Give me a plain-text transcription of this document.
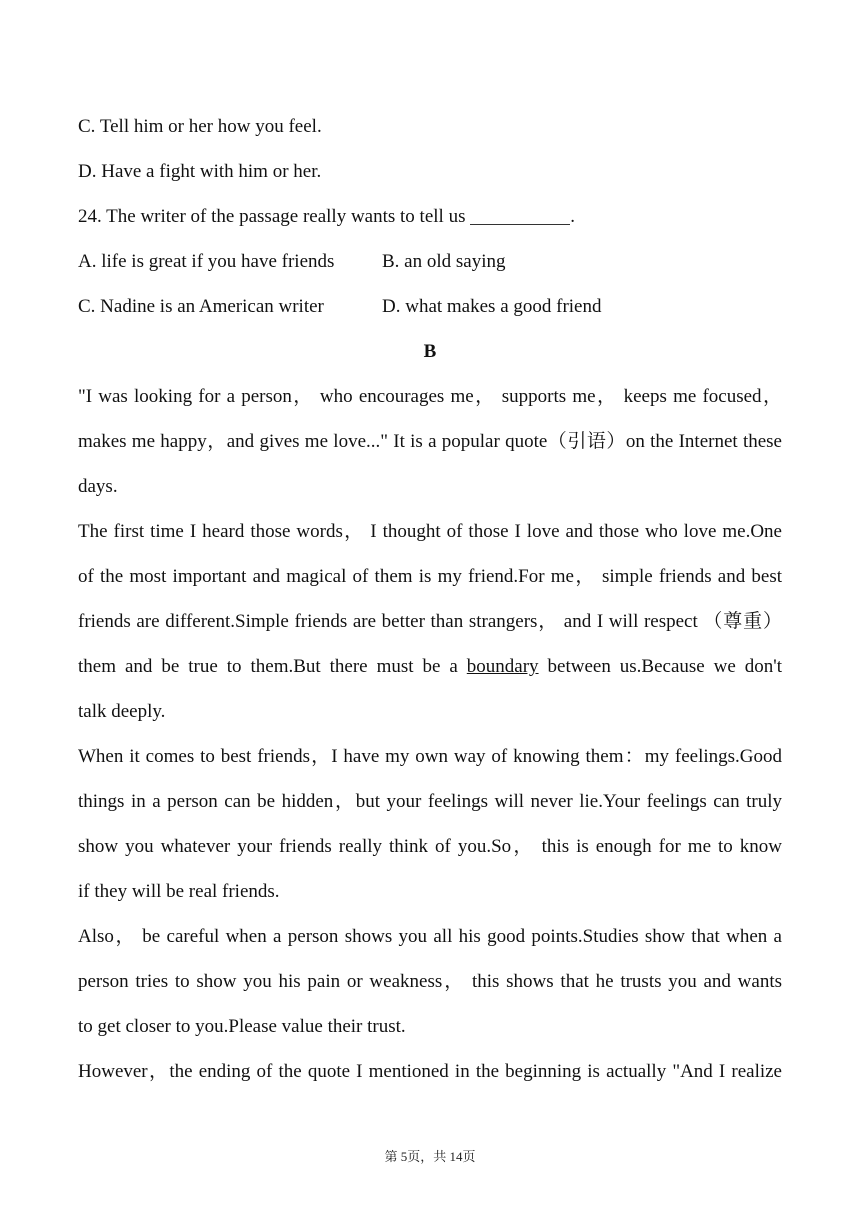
C. Tell him or her how you feel.
D. Have a fight with him or her.
24. The writer of the passage really wants to tell us	.
A. life is great if you have friends	B. an old saying
C. Nadine is an American writer	D. what makes a good friend
B
"I was looking for a person， who encourages me， supports me， keeps me focused，
makes me happy，and gives me love..." It is a popular quote（引语）on the Internet these
days.
The first time I heard those words， I thought of those I love and those who love me.One
of the most important and magical of them is my friend.For me， simple friends and best
friends are different.Simple friends are better than strangers， and I will respect （尊重）
them and be true to them.But there must be a boundary between us.Because we don't
talk deeply.
When it comes to best friends，I have my own way of knowing them：my feelings.Good
things in a person can be hidden，but your feelings will never lie.Your feelings can truly
show you whatever your friends really think of you.So， this is enough for me to know
if they will be real friends.
Also， be careful when a person shows you all his good points.Studies show that when a
person tries to show you his pain or weakness， this shows that he trusts you and wants
to get closer to you.Please value their trust.
However，the ending of the quote I mentioned in the beginning is actually "And I realize
第 5页，共 14页
